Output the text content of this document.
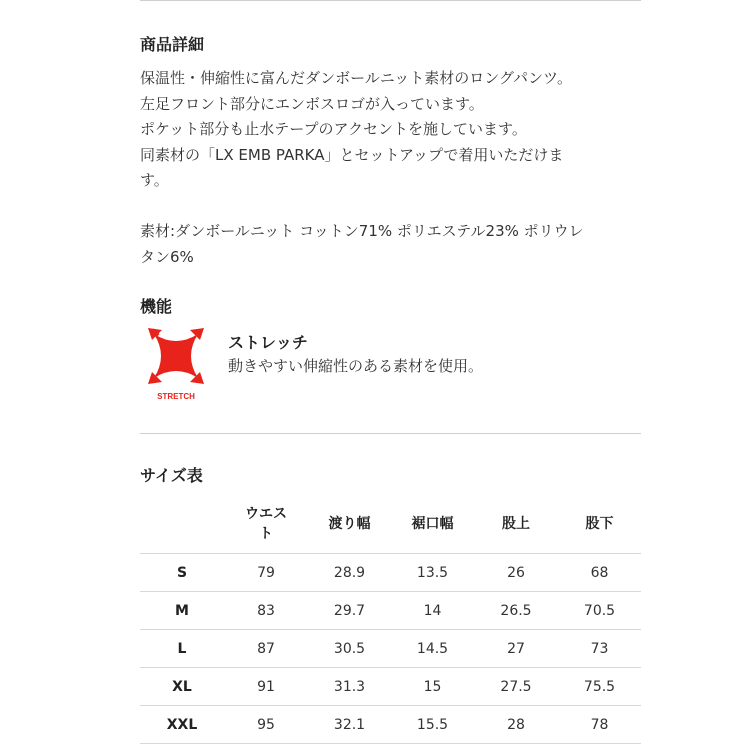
商品詳細

保温性・伸縮性に富んだダンボールニット素材のロングパンツ。

左足フロント部分にエンボスロゴが入っています。

ポケット部分も止水テープのアクセントを施しています。

同素材の「LX EMB PARKA」とセットアップで着用いただけま

す。

素材:ダンボールニット コットン71% ポリエステル23% ポリウレ

タン6%

機能
STRETCH
ストレッチ
動きやすい伸縮性のある素材を使用。
サイズ表
	ウエスト	渡り幅	裾口幅	股上	股下
S	79	28.9	13.5	26	68
M	83	29.7	14	26.5	70.5
L	87	30.5	14.5	27	73
XL	91	31.3	15	27.5	75.5
XXL	95	32.1	15.5	28	78
